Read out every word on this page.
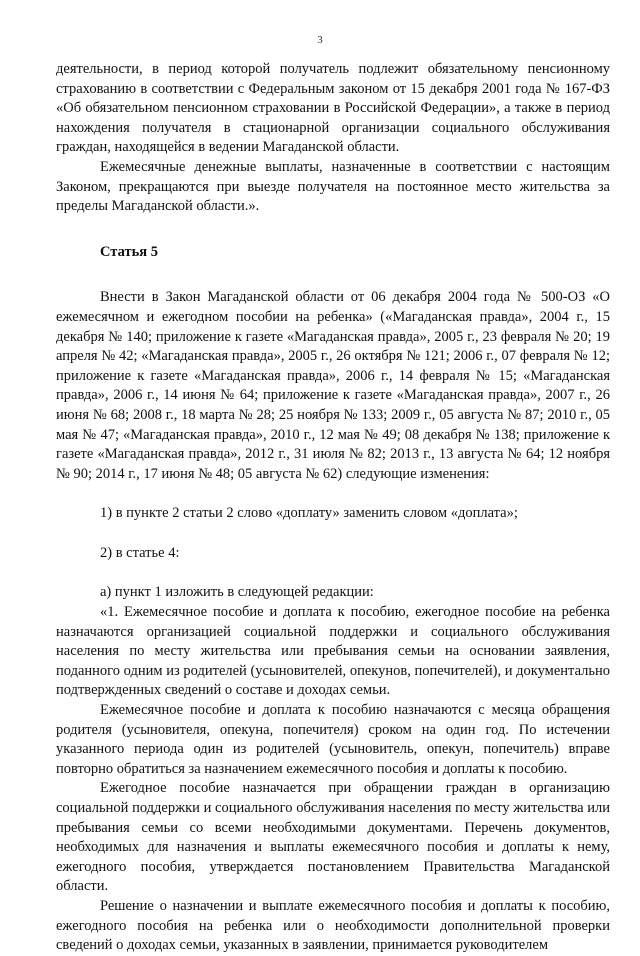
3

деятельности, в период которой получатель подлежит обязательному пенсионному страхованию в соответствии с Федеральным законом от 15 декабря 2001 года № 167-ФЗ «Об обязательном пенсионном страховании в Российской Федерации», а также в период нахождения получателя в стационарной организации социального обслуживания граждан, находящейся в ведении Магаданской области.

Ежемесячные денежные выплаты, назначенные в соответствии с настоящим Законом, прекращаются при выезде получателя на постоянное место жительства за пределы Магаданской области.».

Статья 5

Внести в Закон Магаданской области от 06 декабря 2004 года № 500-ОЗ «О ежемесячном и ежегодном пособии на ребенка» («Магаданская правда», 2004 г., 15 декабря № 140; приложение к газете «Магаданская правда», 2005 г., 23 февраля № 20; 19 апреля № 42; «Магаданская правда», 2005 г., 26 октября № 121; 2006 г., 07 февраля № 12; приложение к газете «Магаданская правда», 2006 г., 14 февраля № 15; «Магаданская правда», 2006 г., 14 июня № 64; приложение к газете «Магаданская правда», 2007 г., 26 июня № 68; 2008 г., 18 марта № 28; 25 ноября № 133; 2009 г., 05 августа № 87; 2010 г., 05 мая № 47; «Магаданская правда», 2010 г., 12 мая № 49; 08 декабря № 138; приложение к газете «Магаданская правда», 2012 г., 31 июля № 82; 2013 г., 13 августа № 64; 12 ноября № 90; 2014 г., 17 июня № 48; 05 августа № 62) следующие изменения:

1) в пункте 2 статьи 2 слово «доплату» заменить словом «доплата»;

2) в статье 4:

а) пункт 1 изложить в следующей редакции:

«1. Ежемесячное пособие и доплата к пособию, ежегодное пособие на ребенка назначаются организацией социальной поддержки и социального обслуживания населения по месту жительства или пребывания семьи на основании заявления, поданного одним из родителей (усыновителей, опекунов, попечителей), и документально подтвержденных сведений о составе и доходах семьи.

Ежемесячное пособие и доплата к пособию назначаются с месяца обращения родителя (усыновителя, опекуна, попечителя) сроком на один год. По истечении указанного периода один из родителей (усыновитель, опекун, попечитель) вправе повторно обратиться за назначением ежемесячного пособия и доплаты к пособию.

Ежегодное пособие назначается при обращении граждан в организацию социальной поддержки и социального обслуживания населения по месту жительства или пребывания семьи со всеми необходимыми документами. Перечень документов, необходимых для назначения и выплаты ежемесячного пособия и доплаты к нему, ежегодного пособия, утверждается постановлением Правительства Магаданской области.

Решение о назначении и выплате ежемесячного пособия и доплаты к пособию, ежегодного пособия на ребенка или о необходимости дополнительной проверки сведений о доходах семьи, указанных в заявлении, принимается руководителем
